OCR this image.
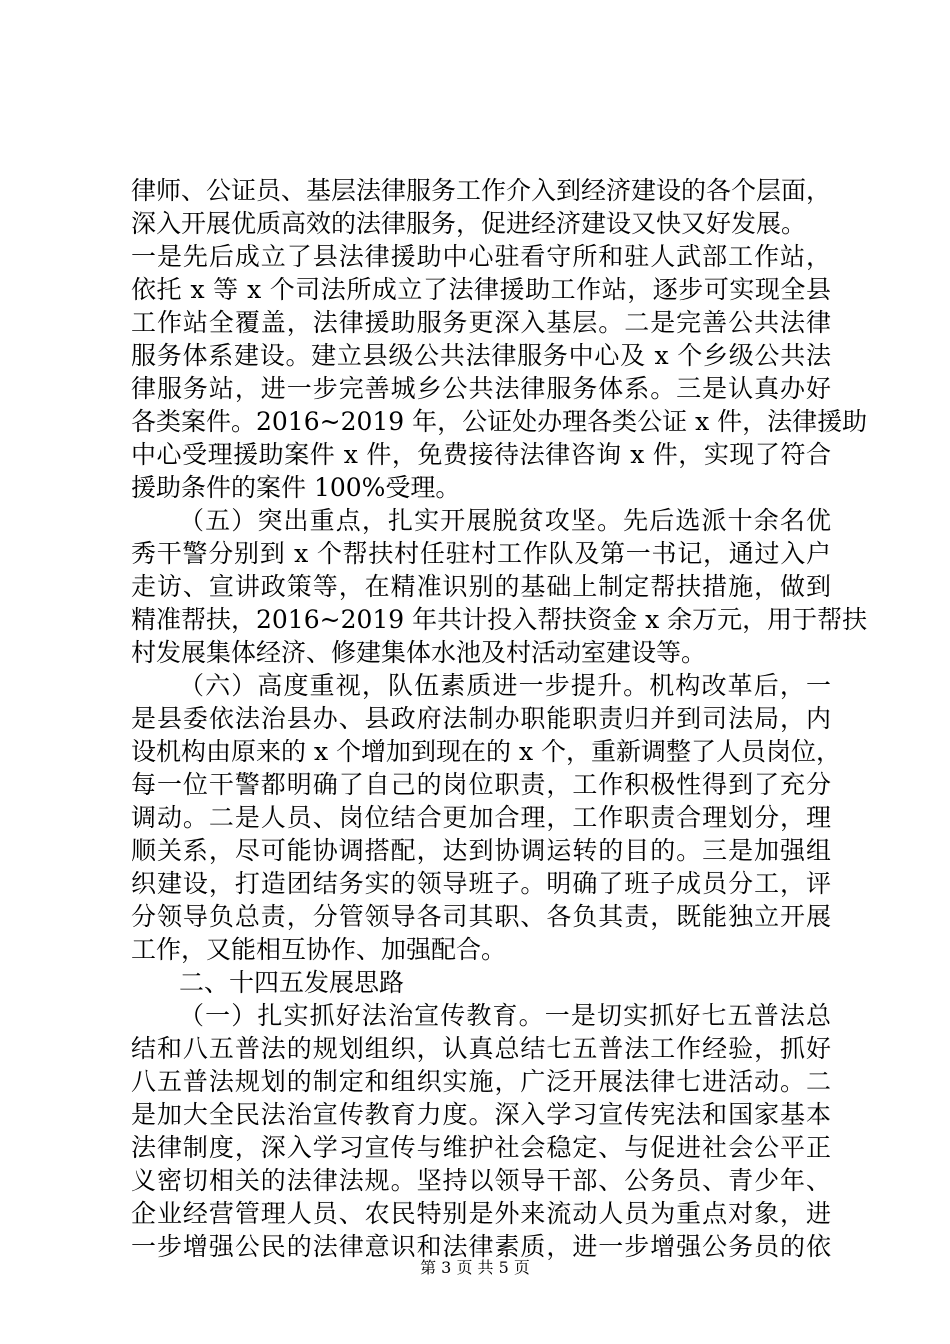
律师、公证员、基层法律服务工作介入到经济建设的各个层面，
深入开展优质高效的法律服务，促进经济建设又快又好发展。
一是先后成立了县法律援助中心驻看守所和驻人武部工作站，
依托 x 等 x 个司法所成立了法律援助工作站，逐步可实现全县
工作站全覆盖，法律援助服务更深入基层。二是完善公共法律
服务体系建设。建立县级公共法律服务中心及 x 个乡级公共法
律服务站，进一步完善城乡公共法律服务体系。三是认真办好
各类案件。2016~2019 年，公证处办理各类公证 x 件，法律援助
中心受理援助案件 x 件，免费接待法律咨询 x 件，实现了符合
援助条件的案件 100%受理。
（五）突出重点，扎实开展脱贫攻坚。先后选派十余名优
秀干警分别到 x 个帮扶村任驻村工作队及第一书记，通过入户
走访、宣讲政策等，在精准识别的基础上制定帮扶措施，做到
精准帮扶，2016~2019 年共计投入帮扶资金 x 余万元，用于帮扶
村发展集体经济、修建集体水池及村活动室建设等。
（六）高度重视，队伍素质进一步提升。机构改革后，一
是县委依法治县办、县政府法制办职能职责归并到司法局，内
设机构由原来的 x 个增加到现在的 x 个，重新调整了人员岗位，
每一位干警都明确了自己的岗位职责，工作积极性得到了充分
调动。二是人员、岗位结合更加合理，工作职责合理划分，理
顺关系，尽可能协调搭配，达到协调运转的目的。三是加强组
织建设，打造团结务实的领导班子。明确了班子成员分工，评
分领导负总责，分管领导各司其职、各负其责，既能独立开展
工作，又能相互协作、加强配合。
二、十四五发展思路
（一）扎实抓好法治宣传教育。一是切实抓好七五普法总
结和八五普法的规划组织，认真总结七五普法工作经验，抓好
八五普法规划的制定和组织实施，广泛开展法律七进活动。二
是加大全民法治宣传教育力度。深入学习宣传宪法和国家基本
法律制度，深入学习宣传与维护社会稳定、与促进社会公平正
义密切相关的法律法规。坚持以领导干部、公务员、青少年、
企业经营管理人员、农民特别是外来流动人员为重点对象，进
一步增强公民的法律意识和法律素质，进一步增强公务员的依
第 3 页 共 5 页
